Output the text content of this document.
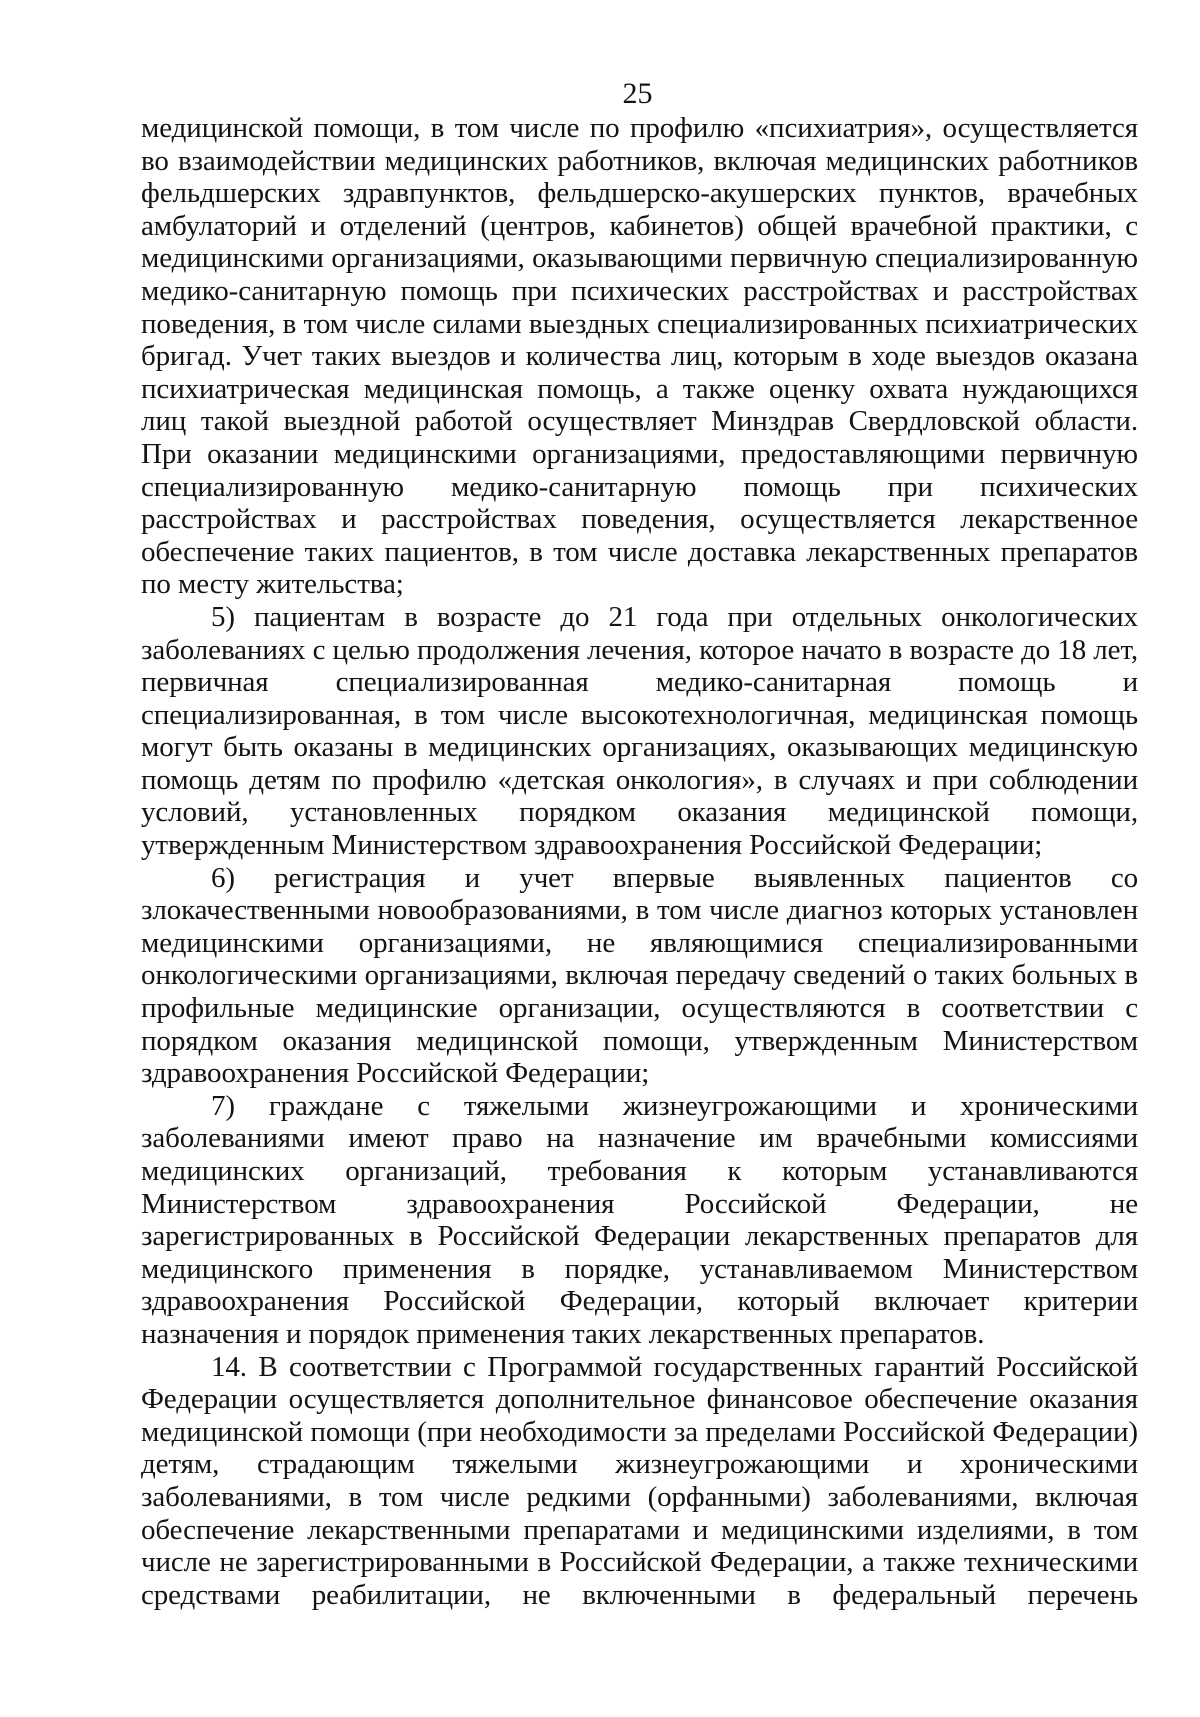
25

медицинской помощи, в том числе по профилю «психиатрия», осуществляется во взаимодействии медицинских работников, включая медицинских работников фельдшерских здравпунктов, фельдшерско-акушерских пунктов, врачебных амбулаторий и отделений (центров, кабинетов) общей врачебной практики, с медицинскими организациями, оказывающими первичную специализированную медико-санитарную помощь при психических расстройствах и расстройствах поведения, в том числе силами выездных специализированных психиатрических бригад. Учет таких выездов и количества лиц, которым в ходе выездов оказана психиатрическая медицинская помощь, а также оценку охвата нуждающихся лиц такой выездной работой осуществляет Минздрав Свердловской области. При оказании медицинскими организациями, предоставляющими первичную специализированную медико-санитарную помощь при психических расстройствах и расстройствах поведения, осуществляется лекарственное обеспечение таких пациентов, в том числе доставка лекарственных препаратов по месту жительства;

5) пациентам в возрасте до 21 года при отдельных онкологических заболеваниях с целью продолжения лечения, которое начато в возрасте до 18 лет, первичная специализированная медико-санитарная помощь и специализированная, в том числе высокотехнологичная, медицинская помощь могут быть оказаны в медицинских организациях, оказывающих медицинскую помощь детям по профилю «детская онкология», в случаях и при соблюдении условий, установленных порядком оказания медицинской помощи, утвержденным Министерством здравоохранения Российской Федерации;

6) регистрация и учет впервые выявленных пациентов со злокачественными новообразованиями, в том числе диагноз которых установлен медицинскими организациями, не являющимися специализированными онкологическими организациями, включая передачу сведений о таких больных в профильные медицинские организации, осуществляются в соответствии с порядком оказания медицинской помощи, утвержденным Министерством здравоохранения Российской Федерации;

7) граждане с тяжелыми жизнеугрожающими и хроническими заболеваниями имеют право на назначение им врачебными комиссиями медицинских организаций, требования к которым устанавливаются Министерством здравоохранения Российской Федерации, не зарегистрированных в Российской Федерации лекарственных препаратов для медицинского применения в порядке, устанавливаемом Министерством здравоохранения Российской Федерации, который включает критерии назначения и порядок применения таких лекарственных препаратов.

14. В соответствии с Программой государственных гарантий Российской Федерации осуществляется дополнительное финансовое обеспечение оказания медицинской помощи (при необходимости за пределами Российской Федерации) детям, страдающим тяжелыми жизнеугрожающими и хроническими заболеваниями, в том числе редкими (орфанными) заболеваниями, включая обеспечение лекарственными препаратами и медицинскими изделиями, в том числе не зарегистрированными в Российской Федерации, а также техническими средствами реабилитации, не включенными в федеральный перечень
